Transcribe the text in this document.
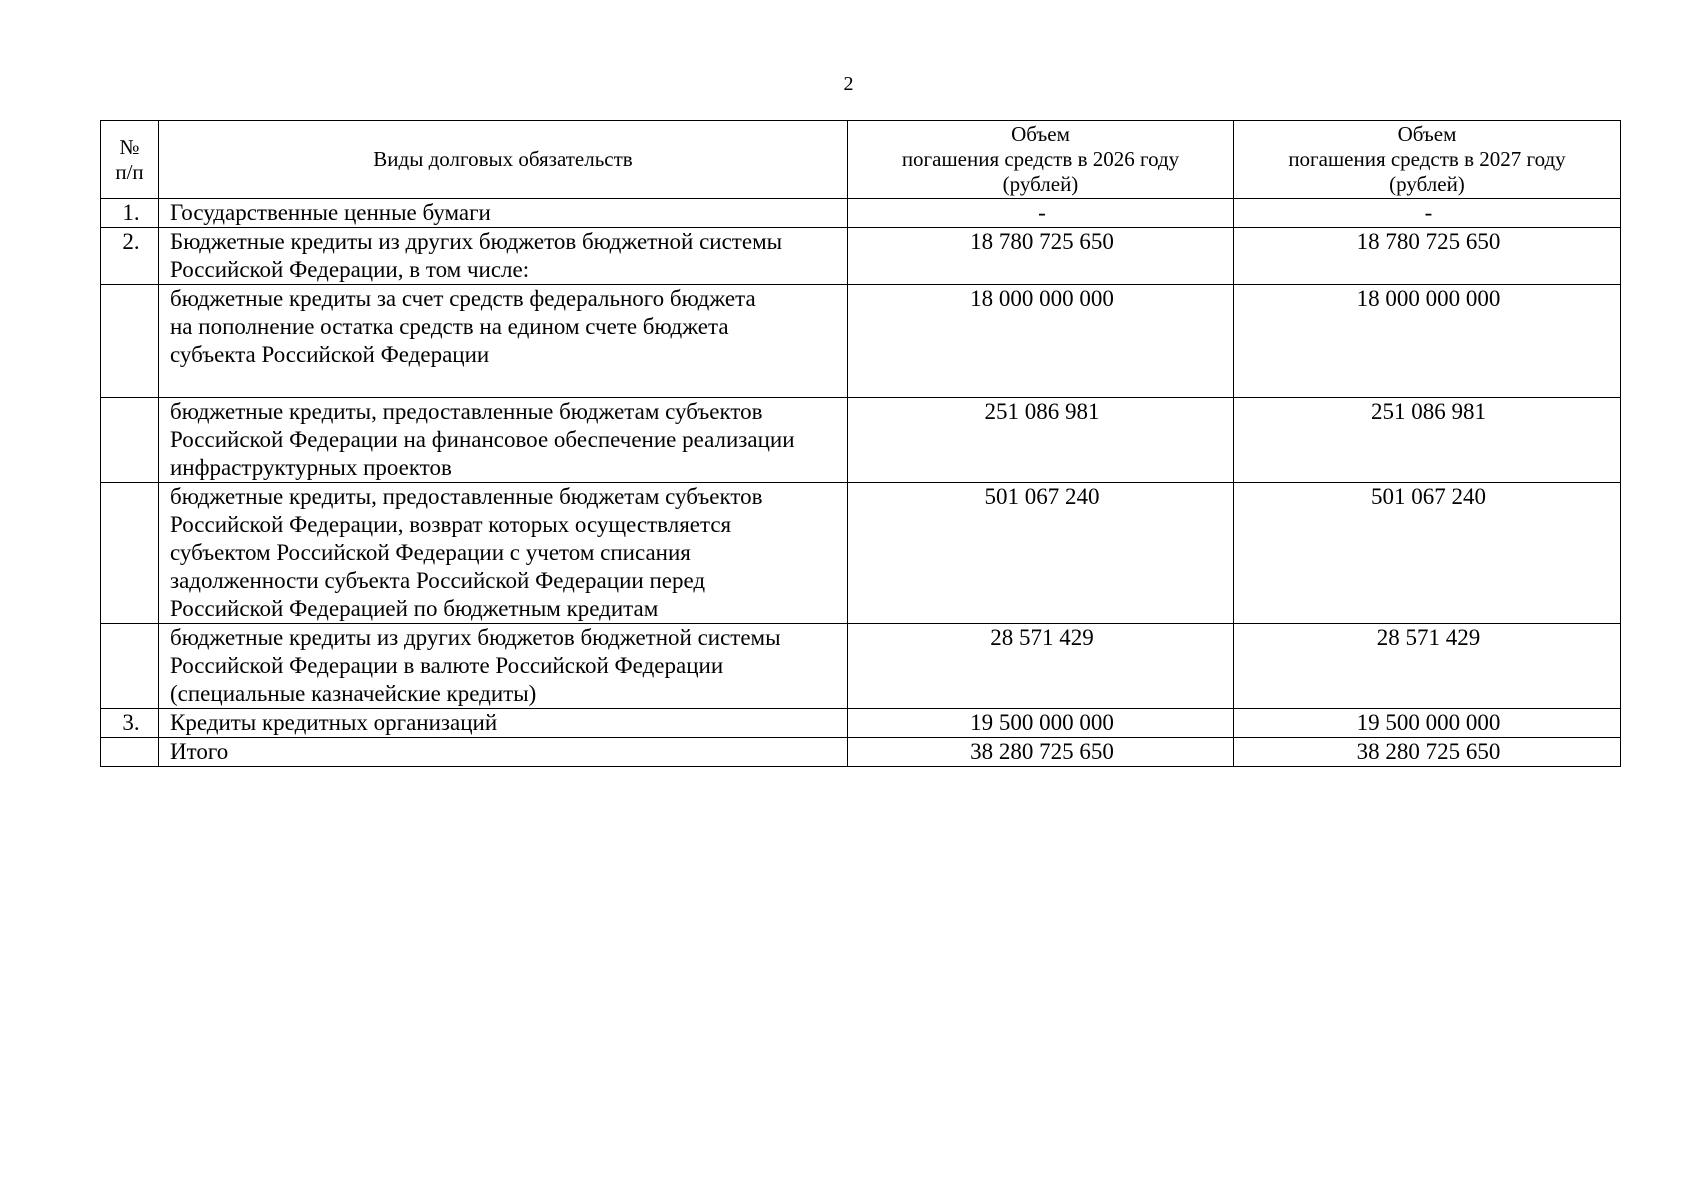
2
№
п/п	Виды долговых обязательств	Объем
погашения средств в 2026 году
(рублей)	Объем
погашения средств в 2027 году
(рублей)
1.	Государственные ценные бумаги	-	-
2.	Бюджетные кредиты из других бюджетов бюджетной системы
Российской Федерации, в том числе:	18 780 725 650	18 780 725 650
	бюджетные кредиты за счет средств федерального бюджета
на пополнение остатка средств на едином счете бюджета
субъекта Российской Федерации	18 000 000 000	18 000 000 000
	бюджетные кредиты, предоставленные бюджетам субъектов
Российской Федерации на финансовое обеспечение реализации
инфраструктурных проектов	251 086 981	251 086 981
	бюджетные кредиты, предоставленные бюджетам субъектов
Российской Федерации, возврат которых осуществляется
субъектом Российской Федерации с учетом списания
задолженности субъекта Российской Федерации перед
Российской Федерацией по бюджетным кредитам	501 067 240	501 067 240
	бюджетные кредиты из других бюджетов бюджетной системы
Российской Федерации в валюте Российской Федерации
(специальные казначейские кредиты)	28 571 429	28 571 429
3.	Кредиты кредитных организаций	19 500 000 000	19 500 000 000
	Итого	38 280 725 650	38 280 725 650
